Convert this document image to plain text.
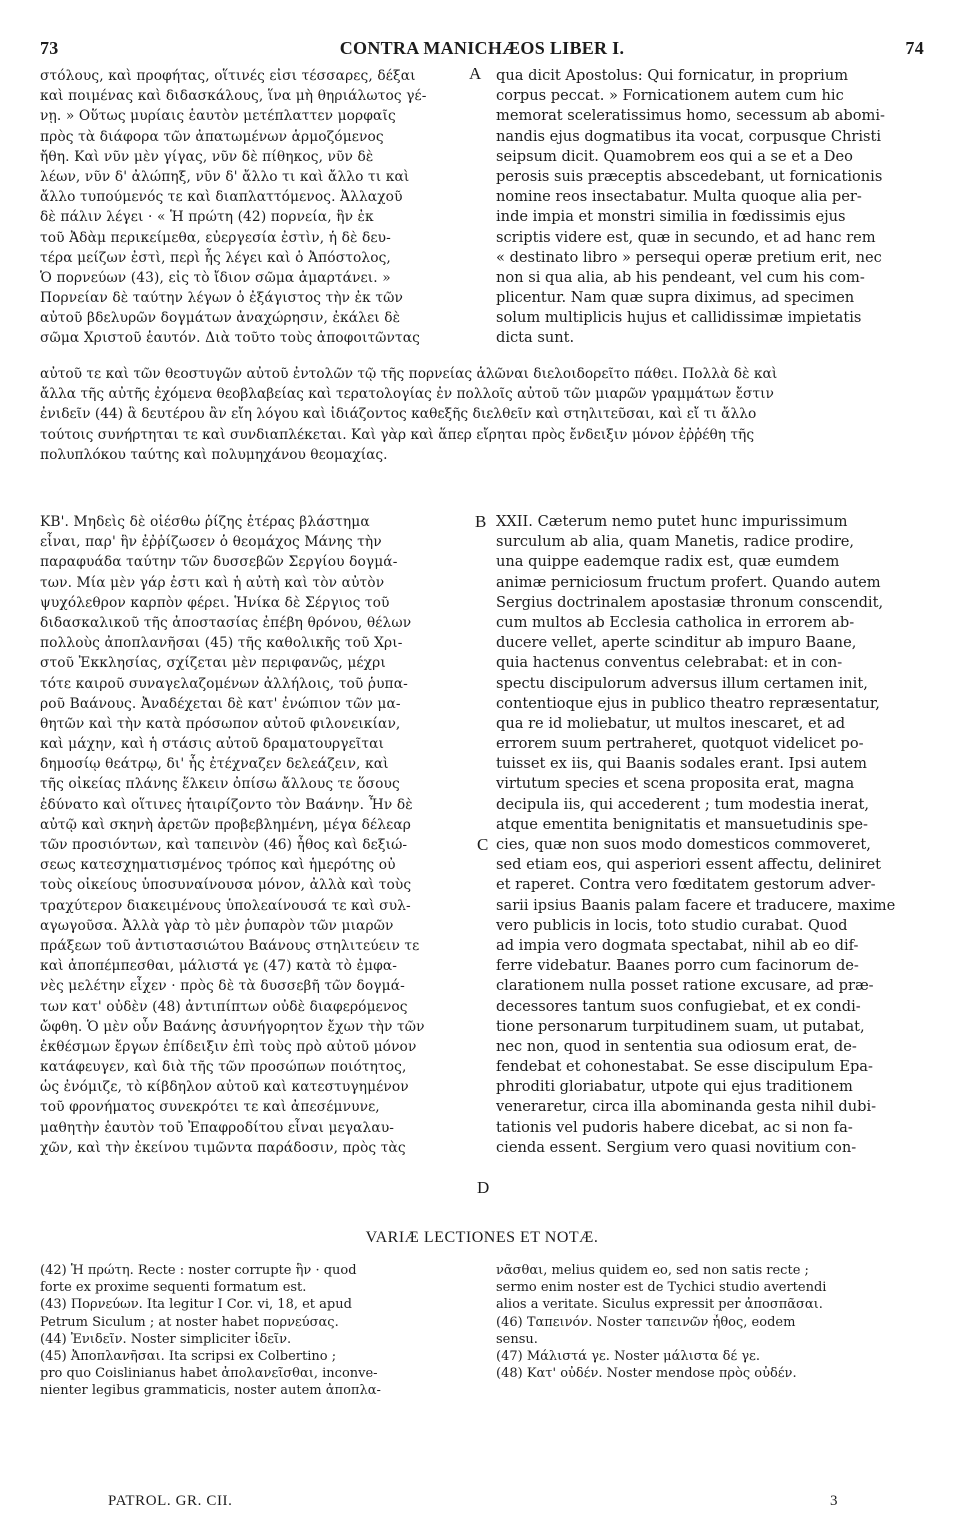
73	CONTRA MANICHÆOS LIBER I.	74
στόλους, καὶ προφήτας, οἵτινές εἰσι τέσσαρες, δέξαι
καὶ ποιμένας καὶ διδασκάλους, ἵνα μὴ θηριάλωτος γέ-
νῃ. » Οὕτως μυρίαις ἑαυτὸν μετέπλαττεν μορφαῖς
πρὸς τὰ διάφορα τῶν ἀπατωμένων ἁρμοζόμενος
ἤθη. Καὶ νῦν μὲν γίγας, νῦν δὲ πίθηκος, νῦν δὲ
λέων, νῦν δ' ἀλώπηξ, νῦν δ' ἄλλο τι καὶ ἄλλο τι καὶ
ἄλλο τυπούμενός τε καὶ διαπλαττόμενος. Ἀλλαχοῦ
δὲ πάλιν λέγει · « Ἡ πρώτη (42) πορνεία, ἣν ἐκ
τοῦ Ἀδὰμ περικείμεθα, εὐεργεσία ἐστὶν, ἡ δὲ δευ-
τέρα μείζων ἐστὶ, περὶ ἧς λέγει καὶ ὁ Ἀπόστολος,
Ὁ πορνεύων (43), εἰς τὸ ἴδιον σῶμα ἁμαρτάνει. »
Πορνείαν δὲ ταύτην λέγων ὁ ἐξάγιστος τὴν ἐκ τῶν
αὐτοῦ βδελυρῶν δογμάτων ἀναχώρησιν, ἐκάλει δὲ
σῶμα Χριστοῦ ἑαυτόν. Διὰ τοῦτο τοὺς ἀποφοιτῶντας
qua dicit Apostolus: Qui fornicatur, in proprium
corpus peccat. » Fornicationem autem cum hic
memorat sceleratissimus homo, secessum ab abomi-
nandis ejus dogmatibus ita vocat, corpusque Christi
seipsum dicit. Quamobrem eos qui a se et a Deo
perosis suis præceptis abscedebant, ut fornicationis
nomine reos insectabatur. Multa quoque alia per-
inde impia et monstri similia in fœdissimis ejus
scriptis videre est, quæ in secundo, et ad hanc rem
« destinato libro » persequi operæ pretium erit, nec
non si qua alia, ab his pendeant, vel cum his com-
plicentur. Nam quæ supra diximus, ad specimen
solum multiplicis hujus et callidissimæ impietatis
dicta sunt.
αὐτοῦ τε καὶ τῶν θεοστυγῶν αὐτοῦ ἐντολῶν τῷ τῆς πορνείας ἁλῶναι διελοιδορεῖτο πάθει. Πολλὰ δὲ καὶ
ἄλλα τῆς αὐτῆς ἐχόμενα θεοβλαβείας καὶ τερατολογίας ἐν πολλοῖς αὐτοῦ τῶν μιαρῶν γραμμάτων ἔστιν
ἐνιδεῖν (44) ἃ δευτέρου ἂν εἴη λόγου καὶ ἰδιάζοντος καθεξῆς διελθεῖν καὶ στηλιτεῦσαι, καὶ εἴ τι ἄλλο
τούτοις συνήρτηται τε καὶ συνδιαπλέκεται. Καὶ γὰρ καὶ ἅπερ εἴρηται πρὸς ἔνδειξιν μόνον ἐῤῥέθη τῆς
πολυπλόκου ταύτης καὶ πολυμηχάνου θεομαχίας.
ΚΒ'. Μηδεὶς δὲ οἰέσθω ῥίζης ἑτέρας βλάστημα
εἶναι, παρ' ἣν ἐῤῥίζωσεν ὁ θεομάχος Μάνης τὴν
παραφυάδα ταύτην τῶν δυσσεβῶν Σεργίου δογμά-
των. Μία μὲν γάρ ἐστι καὶ ἡ αὐτὴ καὶ τὸν αὐτὸν
ψυχόλεθρον καρπὸν φέρει. Ἡνίκα δὲ Σέργιος τοῦ
διδασκαλικοῦ τῆς ἀποστασίας ἐπέβη θρόνου, θέλων
πολλοὺς ἀποπλανῆσαι (45) τῆς καθολικῆς τοῦ Χρι-
στοῦ Ἐκκλησίας, σχίζεται μὲν περιφανῶς, μέχρι
τότε καιροῦ συναγελαζομένων ἀλλήλοις, τοῦ ῥυπα-
ροῦ Βαάνους. Ἀναδέχεται δὲ κατ' ἐνώπιον τῶν μα-
θητῶν καὶ τὴν κατὰ πρόσωπον αὐτοῦ φιλονεικίαν,
καὶ μάχην, καὶ ἡ στάσις αὐτοῦ δραματουργεῖται
δημοσίῳ θεάτρῳ, δι' ἧς ἐτέχναζεν δελεάζειν, καὶ
τῆς οἰκείας πλάνης ἕλκειν ὀπίσω ἄλλους τε ὅσους
ἐδύνατο καὶ οἵτινες ἡταιρίζοντο τὸν Βαάνην. Ἦν δὲ
αὐτῷ καὶ σκηνὴ ἀρετῶν προβεβλημένη, μέγα δέλεαρ
τῶν προσιόντων, καὶ ταπεινὸν (46) ἦθος καὶ δεξιώ-
σεως κατεσχηματισμένος τρόπος καὶ ἡμερότης οὐ
τοὺς οἰκείους ὑποσυναίνουσα μόνον, ἀλλὰ καὶ τοὺς
τραχύτερον διακειμένους ὑπολεαίνουσά τε καὶ συλ-
αγωγοῦσα. Ἀλλὰ γὰρ τὸ μὲν ῥυπαρὸν τῶν μιαρῶν
πράξεων τοῦ ἀντιστασιώτου Βαάνους στηλιτεύειν τε
καὶ ἀποπέμπεσθαι, μάλιστά γε (47) κατὰ τὸ ἐμφα-
νὲς μελέτην εἶχεν · πρὸς δὲ τὰ δυσσεβῆ τῶν δογμά-
των κατ' οὐδὲν (48) ἀντιπίπτων οὐδὲ διαφερόμενος
ὤφθη. Ὁ μὲν οὖν Βαάνης ἀσυνήγορητον ἔχων τὴν τῶν
ἐκθέσμων ἔργων ἐπίδειξιν ἐπὶ τοὺς πρὸ αὐτοῦ μόνον
κατάφευγεν, καὶ διὰ τῆς τῶν προσώπων ποιότητος,
ὡς ἐνόμιζε, τὸ κίβδηλον αὐτοῦ καὶ κατεστυγημένον
τοῦ φρονήματος συνεκρότει τε καὶ ἀπεσέμνυνε,
μαθητὴν ἑαυτὸν τοῦ Ἐπαφροδίτου εἶναι μεγαλαυ-
χῶν, καὶ τὴν ἐκείνου τιμῶντα παράδοσιν, πρὸς τὰς
XXII. Cæterum nemo putet hunc impurissimum
surculum ab alia, quam Manetis, radice prodire,
una quippe eademque radix est, quæ eumdem
animæ perniciosum fructum profert. Quando autem
Sergius doctrinalem apostasiæ thronum conscendit,
cum multos ab Ecclesia catholica in errorem ab-
ducere vellet, aperte scinditur ab impuro Baane,
quia hactenus conventus celebrabat: et in con-
spectu discipulorum adversus illum certamen init,
contentioque ejus in publico theatro repræsentatur,
qua re id moliebatur, ut multos inescaret, et ad
errorem suum pertraheret, quotquot videlicet po-
tuisset ex iis, qui Baanis sodales erant. Ipsi autem
virtutum species et scena proposita erat, magna
decipula iis, qui accederent ; tum modestia inerat,
atque ementita benignitatis et mansuetudinis spe-
cies, quæ non suos modo domesticos commoveret,
sed etiam eos, qui asperiori essent affectu, deliniret
et raperet. Contra vero fœditatem gestorum adver-
sarii ipsius Baanis palam facere et traducere, maxime
vero publicis in locis, toto studio curabat. Quod
ad impia vero dogmata spectabat, nihil ab eo dif-
ferre videbatur. Baanes porro cum facinorum de-
clarationem nulla posset ratione excusare, ad præ-
decessores tantum suos confugiebat, et ex condi-
tione personarum turpitudinem suam, ut putabat,
nec non, quod in sententia sua odiosum erat, de-
fendebat et cohonestabat. Se esse discipulum Epa-
phroditi gloriabatur, utpote qui ejus traditionem
veneraretur, circa illa abominanda gesta nihil dubi-
tationis vel pudoris habere dicebat, ac si non fa-
cienda essent. Sergium vero quasi novitium con-
A
B
C
D
VARIÆ LECTIONES ET NOTÆ.
(42) Ἡ πρώτη. Recte : noster corrupte ἣν · quod
forte ex proxime sequenti formatum est.
(43) Πορνεύων. Ita legitur I Cor. vi, 18, et apud
Petrum Siculum ; at noster habet πορνεύσας.
(44) Ἐνιδεῖν. Noster simpliciter ἰδεῖν.
(45) Ἀποπλανῆσαι. Ita scripsi ex Colbertino ;
pro quo Coislinianus habet ἀπολανεῖσθαι, inconve-
nienter legibus grammaticis, noster autem ἀποπλα-
νᾶσθαι, melius quidem eo, sed non satis recte ;
sermo enim noster est de Tychici studio avertendi
alios a veritate. Siculus expressit per ἀποσπᾶσαι.
(46) Ταπεινόν. Noster ταπεινῶν ἦθος, eodem
sensu.
(47) Μάλιστά γε. Noster μάλιστα δέ γε.
(48) Κατ' οὐδέν. Noster mendose πρὸς οὐδέν.
PATROL. GR. CII.	3
